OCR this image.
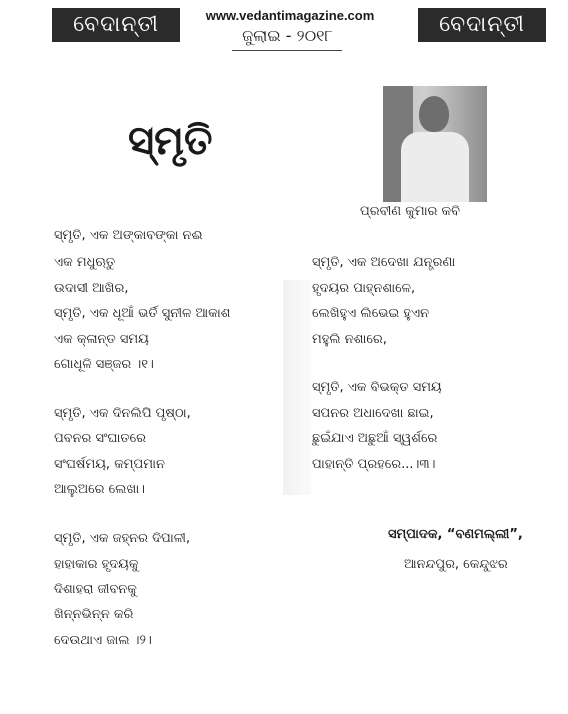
ବେଦାନ୍ତୀ	www.vedantimagazine.com
ଜୁଲାଇ - ୨୦୧୮	ବେଦାନ୍ତୀ
ସ୍ମୃତି
ପ୍ରବୀଣ କୁମାର କବି
ସ୍ମୃତି, ଏକ ଅଙ୍କାବଙ୍କା ନଈ
ଏକ ମଧୁଋତୁ
ଉଦାସୀ ଆଖିର,
ସ୍ମୃତି, ଏକ ଧୂଆଁ ଭର୍ତି ସୁନୀଳ ଆକାଶ
ଏକ କ୍ଳାନ୍ତ ସମୟ
ଗୋଧୂଳି ସଞ୍ଜର ।୧।
ସ୍ମୃତି, ଏକ ଦିନଲିପି ପୃଷ୍ଠା,
ପବନର ସଂଘାତରେ
ସଂଘର୍ଷମୟ, କମ୍ପମାନ
ଆଲୁଅରେ ଲେଖା।
ସ୍ମୃତି, ଏକ ଜହ୍ନର ଦିପାଳୀ,
ହାହାକାର ହୃଦୟକୁ
ଦିଶାହରା ଜୀବନକୁ
ଖିନ୍ନଭିନ୍ନ କରି
ଦେଉଥାଏ ଜାଲ ।୨।
ସ୍ମୃତି, ଏକ ଅଦେଖା ଯନ୍ତ୍ରଣା
ହୃଦୟର ପାହ୍ନଶାଳେ,
ଲେଖିହୁଏ ଲିଭେଇ ହୁଏନ
ମହୁଲି ନଶାରେ,
ସ୍ମୃତି, ଏକ ବିଭକ୍ତ ସମୟ
ସପନର ଅଧାଦେଖା ଛାଇ,
ଛୁଇଁଯାଏ ଅଛୁଆଁ ସ୍ୱର୍ଶରେ
ପାହାନ୍ତି ପ୍ରହରେ...।୩।
ସମ୍ପାଦକ, “ବଣମଲ୍ଲୀ”,
ଆନନ୍ଦପୁର, କେନ୍ଦୁଝର
